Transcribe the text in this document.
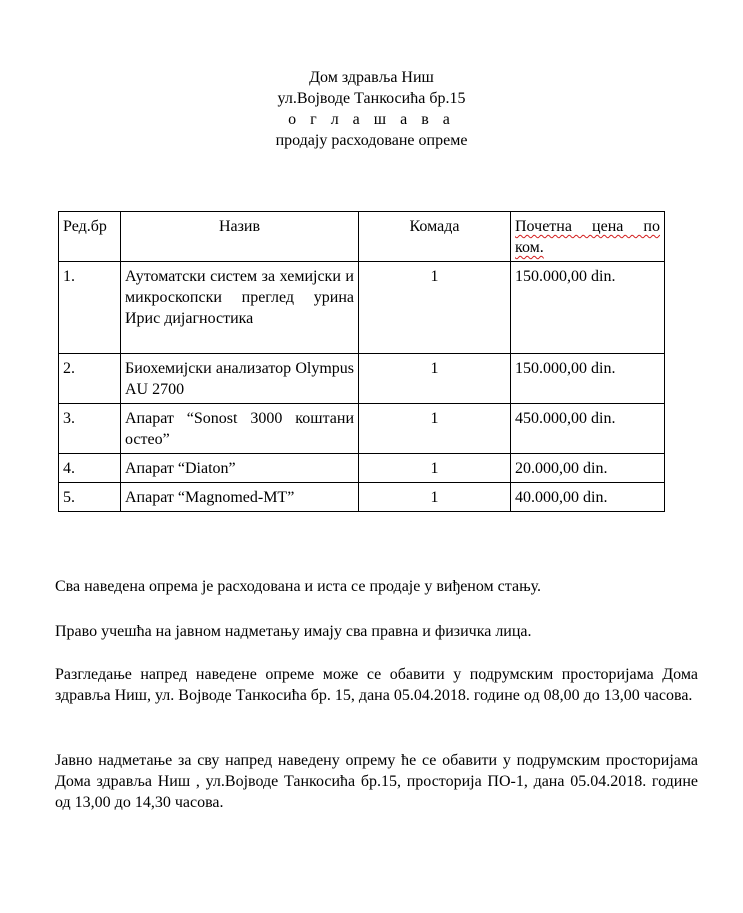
Дом здравља Ниш
ул.Војводе Танкосића бр.15
о г л а ш а в а
продају расходоване опреме
Ред.бр	Назив	Комада	Почетна цена по ком.
1.	Аутоматски систем за хемијски и микроскопски преглед урина Ирис дијагностика	1	150.000,00 din.
2.	Биохемијски анализатор Olympus AU 2700	1	150.000,00 din.
3.	Апарат “Sonost 3000 коштани остео”	1	450.000,00 din.
4.	Апарат “Diaton”	1	20.000,00 din.
5.	Апарат “Magnomed-MT”	1	40.000,00 din.
Сва наведена опрема је расходована и иста се продаје у виђеном стању.
Право учешћа на јавном надметању имају сва правна и физичка лица.
Разгледање напред наведене опреме може се обавити у подрумским просторијама Дома здравља Ниш, ул. Војводе Танкосића бр. 15, дана 05.04.2018. године од 08,00 до 13,00 часова.
Јавно надметање за сву напред наведену опрему ће се обавити у подрумским просторијама Дома здравља Ниш , ул.Војводе Танкосића бр.15, просторија ПО-1, дана 05.04.2018. године од 13,00 до 14,30 часова.
